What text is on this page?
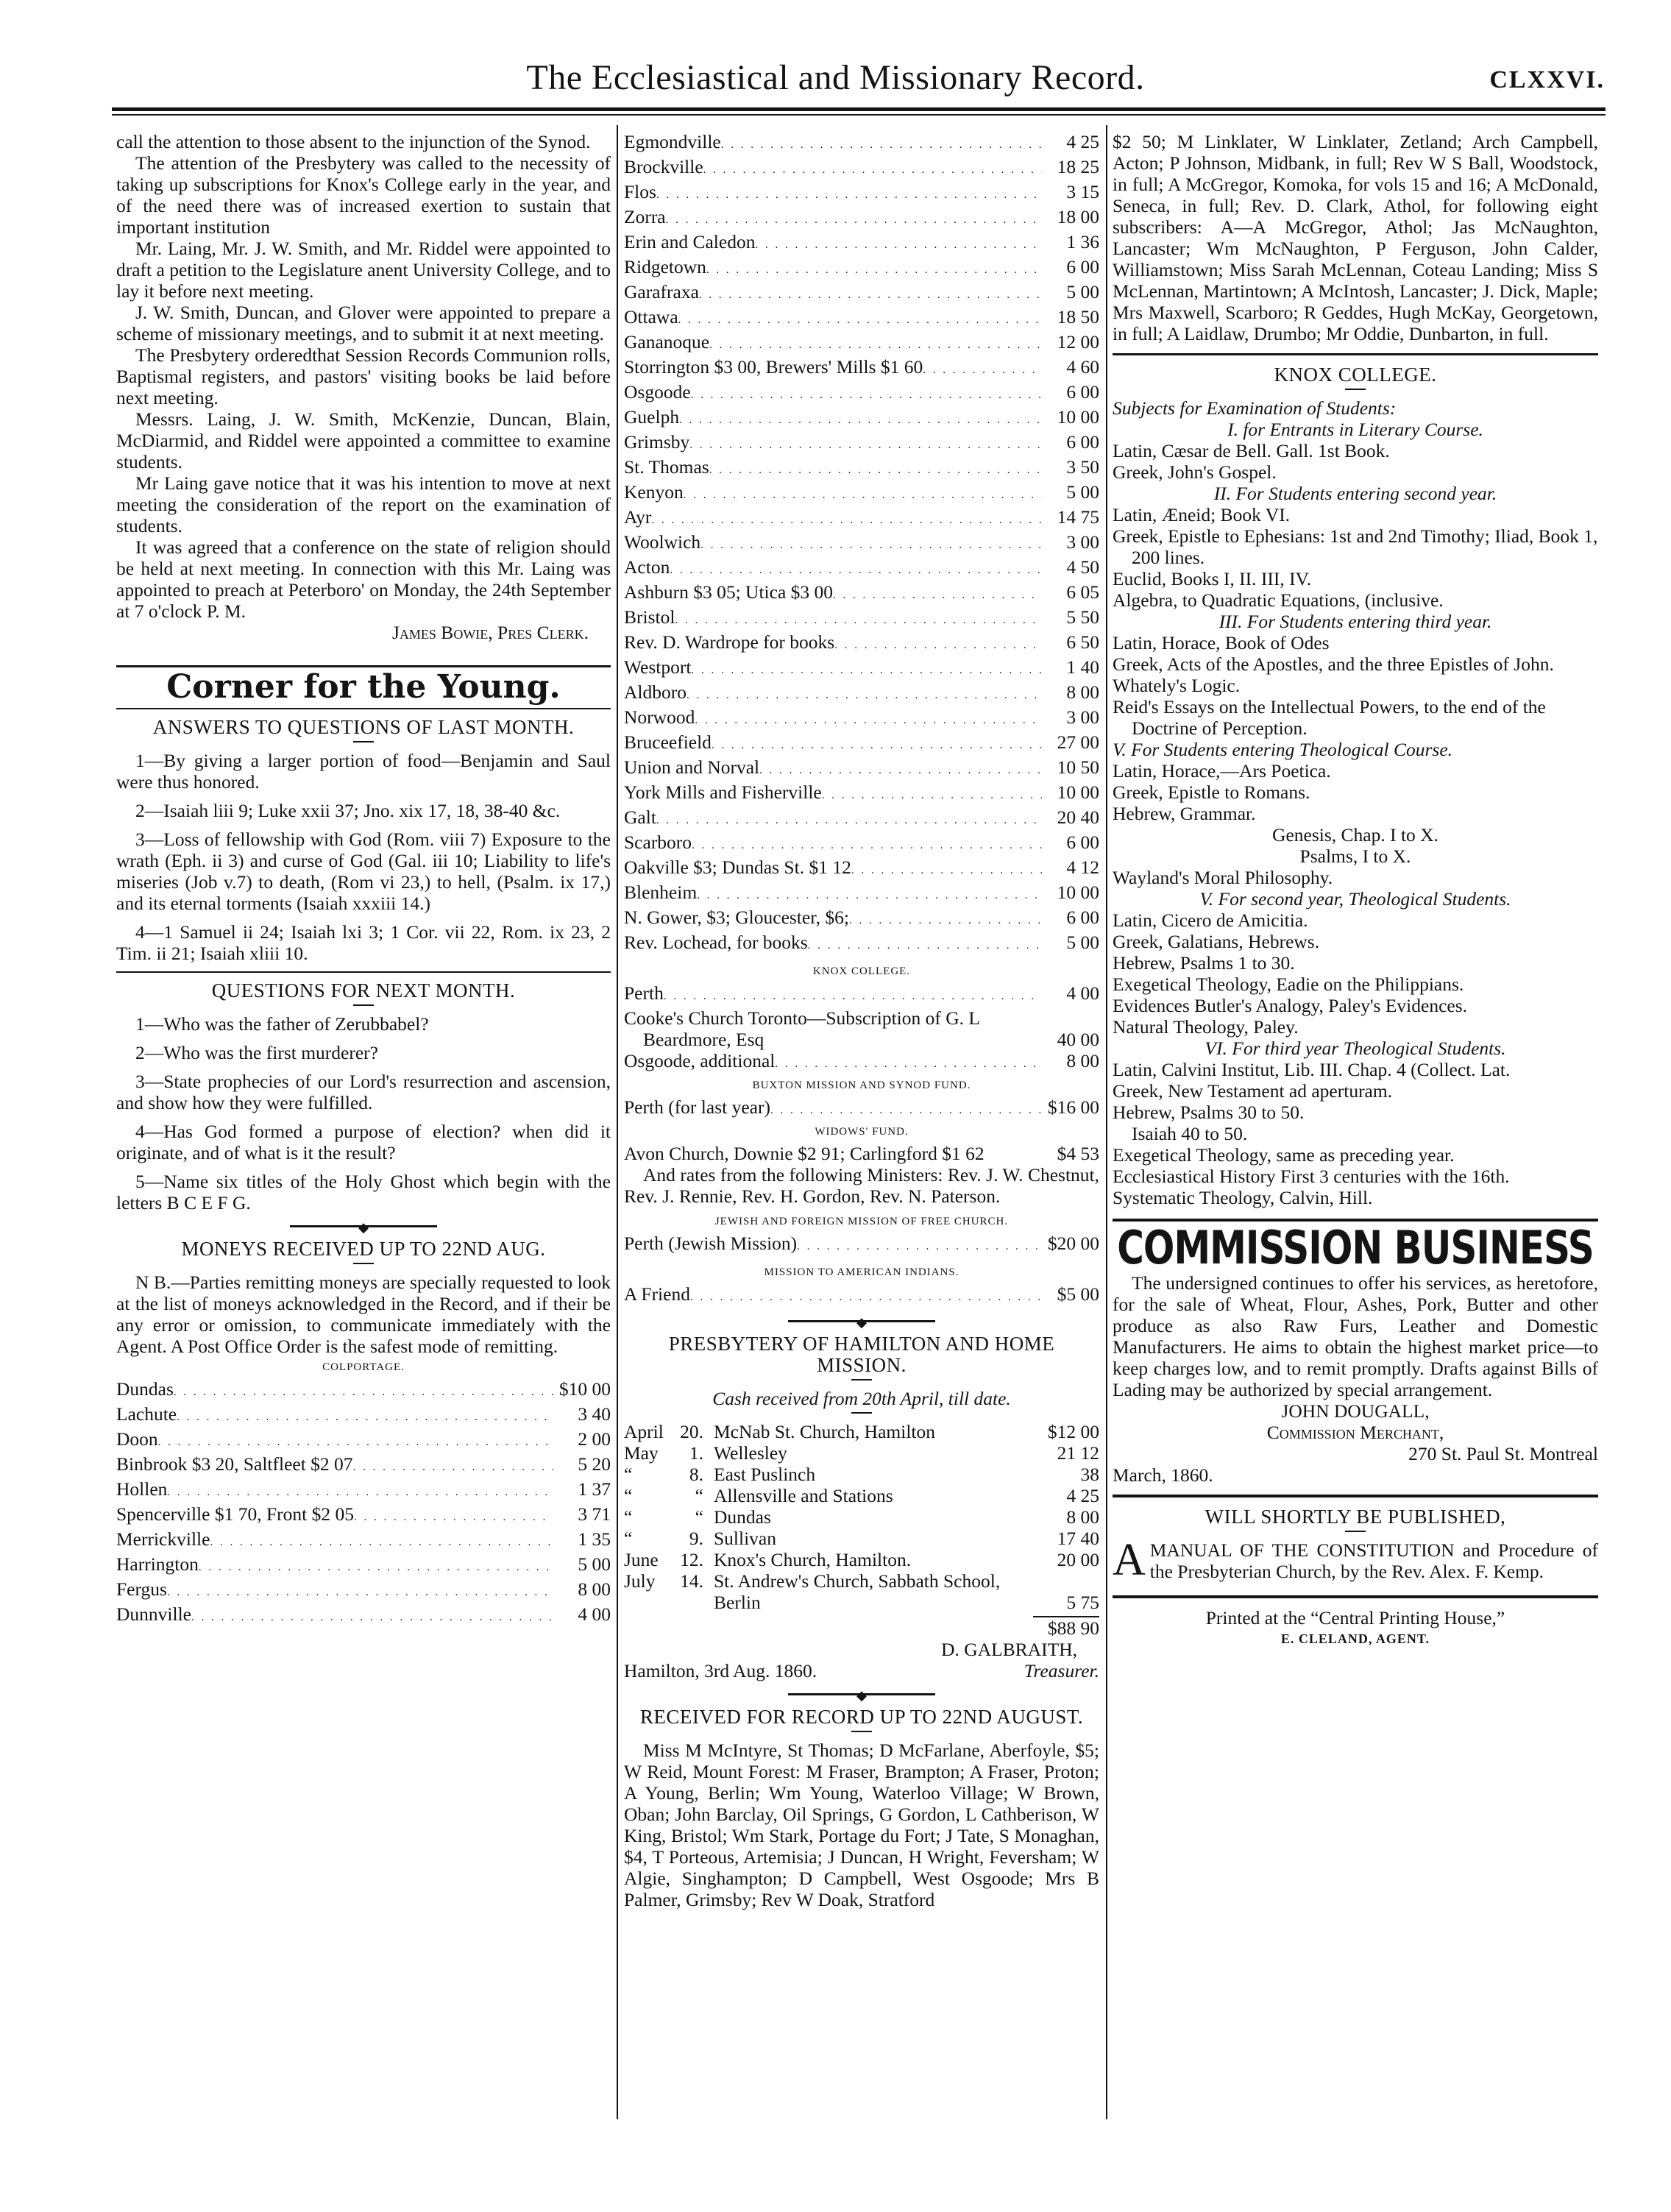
The Ecclesiastical and Missionary Record.	CLXXVI.

call the attention to those absent to the injunction of the Synod.

The attention of the Presbytery was called to the necessity of taking up subscriptions for Knox's College early in the year, and of the need there was of increased exertion to sustain that important institution

Mr. Laing, Mr. J. W. Smith, and Mr. Riddel were appointed to draft a petition to the Legislature anent University College, and to lay it before next meeting.

J. W. Smith, Duncan, and Glover were appointed to prepare a scheme of missionary meetings, and to submit it at next meeting.

The Presbytery orderedthat Session Records Communion rolls, Baptismal registers, and pastors' visiting books be laid before next meeting.

Messrs. Laing, J. W. Smith, McKenzie, Duncan, Blain, McDiarmid, and Riddel were appointed a committee to examine students.

Mr Laing gave notice that it was his intention to move at next meeting the consideration of the report on the examination of students.

It was agreed that a conference on the state of religion should be held at next meeting. In connection with this Mr. Laing was appointed to preach at Peterboro' on Monday, the 24th September at 7 o'clock P. M.

James Bowie, Pres Clerk.

Corner for the Young.

ANSWERS TO QUESTIONS OF LAST MONTH.

1—By giving a larger portion of food—Benjamin and Saul were thus honored.

2—Isaiah liii 9; Luke xxii 37; Jno. xix 17, 18, 38-40 &c.

3—Loss of fellowship with God (Rom. viii 7) Exposure to the wrath (Eph. ii 3) and curse of God (Gal. iii 10; Liability to life's miseries (Job v.7) to death, (Rom vi 23,) to hell, (Psalm. ix 17,) and its eternal torments (Isaiah xxxiii 14.)

4—1 Samuel ii 24; Isaiah lxi 3; 1 Cor. vii 22, Rom. ix 23, 2 Tim. ii 21; Isaiah xliii 10.

QUESTIONS FOR NEXT MONTH.

1—Who was the father of Zerubbabel?

2—Who was the first murderer?

3—State prophecies of our Lord's resurrection and ascension, and show how they were fulfilled.

4—Has God formed a purpose of election? when did it originate, and of what is it the result?

5—Name six titles of the Holy Ghost which begin with the letters B C E F G.

◆

MONEYS RECEIVED UP TO 22ND AUG.

N B.—Parties remitting moneys are specially requested to look at the list of moneys acknowledged in the Record, and if their be any error or omission, to communicate immediately with the Agent. A Post Office Order is the safest mode of remitting.

COLPORTAGE.

Dundas . . .	$10 00
Lachute . . .	3 40
Doon . . .	2 00
Binbrook $3 20, Saltfleet $2 07 . . .	5 20
Hollen . . .	1 37
Spencerville $1 70, Front $2 05 . . .	3 71
Merrickville . . .	1 35
Harrington . . .	5 00
Fergus . . .	8 00
Dunnville . . .	4 00
Egmondville . . .	4 25
Brockville . . .	18 25
Flos . . .	3 15
Zorra . . .	18 00
Erin and Caledon . . .	1 36
Ridgetown . . .	6 00
Garafraxa . . .	5 00
Ottawa . . .	18 50
Gananoque . . .	12 00
Storrington $3 00, Brewers' Mills $1 60 . . .	4 60
Osgoode . . .	6 00
Guelph . . .	10 00
Grimsby . . .	6 00
St. Thomas . . .	3 50
Kenyon . . .	5 00
Ayr . . .	14 75
Woolwich . . .	3 00
Acton . . .	4 50
Ashburn $3 05; Utica $3 00 . . .	6 05
Bristol . . .	5 50
Rev. D. Wardrope for books . . .	6 50
Westport . . .	1 40
Aldboro . . .	8 00
Norwood . . .	3 00
Bruceefield . . .	27 00
Union and Norval . . .	10 50
York Mills and Fisherville . . .	10 00
Galt . . .	20 40
Scarboro . . .	6 00
Oakville $3; Dundas St. $1 12 . . .	4 12
Blenheim . . .	10 00
N. Gower, $3; Gloucester, $6; . . .	6 00
Rev. Lochead, for books . . .	5 00

KNOX COLLEGE.

Perth . . .	4 00
Cooke's Church Toronto—Subscription of G. L Beardmore, Esq	40 00
Osgoode, additional . . .	8 00

BUXTON MISSION AND SYNOD FUND.

Perth (for last year) . . .	$16 00

WIDOWS' FUND.

Avon Church, Downie $2 91; Carlingford $1 62	$4 53

And rates from the following Ministers: Rev. J. W. Chestnut, Rev. J. Rennie, Rev. H. Gordon, Rev. N. Paterson.

JEWISH AND FOREIGN MISSION OF FREE CHURCH.

Perth (Jewish Mission) . . .	$20 00

MISSION TO AMERICAN INDIANS.

A Friend . . .	$5 00
◆

PRESBYTERY OF HAMILTON AND HOME MISSION.

Cash received from 20th April, till date.

April 20. McNab St. Church, Hamilton	$12 00
May	1. Wellesley	21 12
“	8. East Puslinch	38
“	“ Allensville and Stations	4 25
“	“ Dundas	8 00
“	9. Sullivan	17 40
June	12. Knox's Church, Hamilton.	20 00
July	14. St. Andrew's Church, Sabbath School, Berlin	5 75

$88 90

D. GALBRAITH,

Hamilton, 3rd Aug. 1860.	Treasurer.
◆

RECEIVED FOR RECORD UP TO 22ND AUGUST.

Miss M McIntyre, St Thomas; D McFarlane, Aberfoyle, $5; W Reid, Mount Forest: M Fraser, Brampton; A Fraser, Proton; A Young, Berlin; Wm Young, Waterloo Village; W Brown, Oban; John Barclay, Oil Springs, G Gordon, L Cathberison, W King, Bristol; Wm Stark, Portage du Fort; J Tate, S Monaghan, $4, T Porteous, Artemisia; J Duncan, H Wright, Feversham; W Algie, Singhampton; D Campbell, West Osgoode; Mrs B Palmer, Grimsby; Rev W Doak, Stratford

$2 50; M Linklater, W Linklater, Zetland; Arch Campbell, Acton; P Johnson, Midbank, in full; Rev W S Ball, Woodstock, in full; A McGregor, Komoka, for vols 15 and 16; A McDonald, Seneca, in full; Rev. D. Clark, Athol, for following eight subscribers: A—A McGregor, Athol; Jas McNaughton, Lancaster; Wm McNaughton, P Ferguson, John Calder, Williamstown; Miss Sarah McLennan, Coteau Landing; Miss S McLennan, Martintown; A McIntosh, Lancaster; J. Dick, Maple; Mrs Maxwell, Scarboro; R Geddes, Hugh McKay, Georgetown, in full; A Laidlaw, Drumbo; Mr Oddie, Dunbarton, in full.

KNOX COLLEGE.

Subjects for Examination of Students:

I. for Entrants in Literary Course.

Latin, Cæsar de Bell. Gall. 1st Book.

Greek, John's Gospel.

II. For Students entering second year.

Latin, Æneid; Book VI.

Greek, Epistle to Ephesians: 1st and 2nd Timothy; Iliad, Book 1, 200 lines.

Euclid, Books I, II. III, IV.

Algebra, to Quadratic Equations, (inclusive.

III. For Students entering third year.

Latin, Horace, Book of Odes

Greek, Acts of the Apostles, and the three Epistles of John.

Whately's Logic.

Reid's Essays on the Intellectual Powers, to the end of the Doctrine of Perception.

V. For Students entering Theological Course.

Latin, Horace,—Ars Poetica.

Greek, Epistle to Romans.

Hebrew, Grammar.

Genesis, Chap. I to X.

Psalms, I to X.

Wayland's Moral Philosophy.

V. For second year, Theological Students.

Latin, Cicero de Amicitia.

Greek, Galatians, Hebrews.

Hebrew, Psalms 1 to 30.

Exegetical Theology, Eadie on the Philippians.

Evidences Butler's Analogy, Paley's Evidences.

Natural Theology, Paley.

VI. For third year Theological Students.

Latin, Calvini Institut, Lib. III. Chap. 4 (Collect. Lat.

Greek, New Testament ad aperturam.

Hebrew, Psalms 30 to 50.

Isaiah 40 to 50.

Exegetical Theology, same as preceding year.

Ecclesiastical History First 3 centuries with the 16th.

Systematic Theology, Calvin, Hill.

COMMISSION BUSINESS

The undersigned continues to offer his services, as heretofore, for the sale of Wheat, Flour, Ashes, Pork, Butter and other produce as also Raw Furs, Leather and Domestic Manufacturers. He aims to obtain the highest market price—to keep charges low, and to remit promptly. Drafts against Bills of Lading may be authorized by special arrangement.

JOHN DOUGALL,

Commission Merchant,

270 St. Paul St. Montreal

March, 1860.

WILL SHORTLY BE PUBLISHED,

AMANUAL OF THE CONSTITUTION and Procedure of the Presbyterian Church, by the Rev. Alex. F. Kemp.

Printed at the “Central Printing House,”

E. CLELAND, AGENT.
